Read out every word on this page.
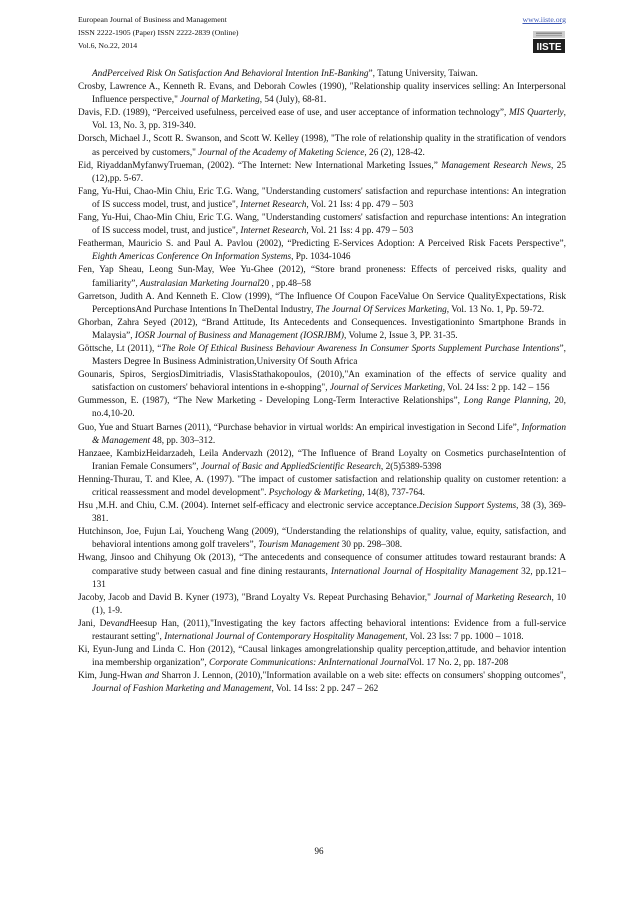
European Journal of Business and Management
ISSN 2222-1905 (Paper) ISSN 2222-2839 (Online)
Vol.6, No.22, 2014
www.iiste.org
IISTE

AndPerceived Risk On Satisfaction And Behavioral Intention InE-Banking”, Tatung University, Taiwan.

Crosby, Lawrence A., Kenneth R. Evans, and Deborah Cowles (1990), "Relationship quality inservices selling: An Interpersonal Influence perspective," Journal of Marketing, 54 (July), 68-81.

Davis, F.D. (1989), “Perceived usefulness, perceived ease of use, and user acceptance of information technology”, MIS Quarterly, Vol. 13, No. 3, pp. 319-340.

Dorsch, Michael J., Scott R. Swanson, and Scott W. Kelley (1998), "The role of relationship quality in the stratification of vendors as perceived by customers," Journal of the Academy of Maketing Science, 26 (2), 128-42.

Eid, RiyaddanMyfanwyTrueman, (2002). “The Internet: New International Marketing Issues,” Management Research News, 25 (12),pp. 5-67.

Fang, Yu-Hui, Chao-Min Chiu, Eric T.G. Wang, "Understanding customers' satisfaction and repurchase intentions: An integration of IS success model, trust, and justice", Internet Research, Vol. 21 Iss: 4 pp. 479 – 503

Fang, Yu-Hui, Chao-Min Chiu, Eric T.G. Wang, "Understanding customers' satisfaction and repurchase intentions: An integration of IS success model, trust, and justice", Internet Research, Vol. 21 Iss: 4 pp. 479 – 503

Featherman, Mauricio S. and Paul A. Pavlou (2002), “Predicting E-Services Adoption: A Perceived Risk Facets Perspective”, Eighth Americas Conference On Information Systems, Pp. 1034-1046

Fen, Yap Sheau, Leong Sun-May, Wee Yu-Ghee (2012), “Store brand proneness: Effects of perceived risks, quality and familiarity”, Australasian Marketing Journal20 , pp.48–58

Garretson, Judith A. And Kenneth E. Clow (1999), “The Influence Of Coupon FaceValue On Service QualityExpectations, Risk PerceptionsAnd Purchase Intentions In TheDental Industry, The Journal Of Services Marketing, Vol. 13 No. 1, Pp. 59-72.

Ghorban, Zahra Seyed (2012), “Brand Attitude, Its Antecedents and Consequences. Investigationinto Smartphone Brands in Malaysia”, IOSR Journal of Business and Management (IOSRJBM), Volume 2, Issue 3, PP. 31-35.

Göttsche, Lt (2011), “The Role Of Ethical Business Behaviour Awareness In Consumer Sports Supplement Purchase Intentions”, Masters Degree In Business Administration,University Of South Africa

Gounaris, Spiros, SergiosDimitriadis, VlasisStathakopoulos, (2010),"An examination of the effects of service quality and satisfaction on customers' behavioral intentions in e-shopping", Journal of Services Marketing, Vol. 24 Iss: 2 pp. 142 – 156

Gummesson, E. (1987), “The New Marketing - Developing Long-Term Interactive Relationships”, Long Range Planning, 20, no.4,10-20.

Guo, Yue and Stuart Barnes (2011), “Purchase behavior in virtual worlds: An empirical investigation in Second Life”, Information & Management 48, pp. 303–312.

Hanzaee, KambizHeidarzadeh, Leila Andervazh (2012), “The Influence of Brand Loyalty on Cosmetics purchaseIntention of Iranian Female Consumers”, Journal of Basic and AppliedScientific Research, 2(5)5389-5398

Henning-Thurau, T. and Klee, A. (1997). "The impact of customer satisfaction and relationship quality on customer retention: a critical reassessment and model development". Psychology & Marketing, 14(8), 737-764.

Hsu ,M.H. and Chiu, C.M. (2004). Internet self-efficacy and electronic service acceptance.Decision Support Systems, 38 (3), 369-381.

Hutchinson, Joe, Fujun Lai, Youcheng Wang (2009), “Understanding the relationships of quality, value, equity, satisfaction, and behavioral intentions among golf travelers”, Tourism Management 30 pp. 298–308.

Hwang, Jinsoo and Chihyung Ok (2013), “The antecedents and consequence of consumer attitudes toward restaurant brands: A comparative study between casual and fine dining restaurants, International Journal of Hospitality Management 32, pp.121–131

Jacoby, Jacob and David B. Kyner (1973), "Brand Loyalty Vs. Repeat Purchasing Behavior," Journal of Marketing Research, 10 (1), 1-9.

Jani, DevandHeesup Han, (2011),"Investigating the key factors affecting behavioral intentions: Evidence from a full-service restaurant setting", International Journal of Contemporary Hospitality Management, Vol. 23 Iss: 7 pp. 1000 – 1018.

Ki, Eyun-Jung and Linda C. Hon (2012), “Causal linkages amongrelationship quality perception,attitude, and behavior intention ina membership organization”, Corporate Communications: AnInternational JournalVol. 17 No. 2, pp. 187-208

Kim, Jung-Hwan and Sharron J. Lennon, (2010),"Information available on a web site: effects on consumers' shopping outcomes", Journal of Fashion Marketing and Management, Vol. 14 Iss: 2 pp. 247 – 262

96
